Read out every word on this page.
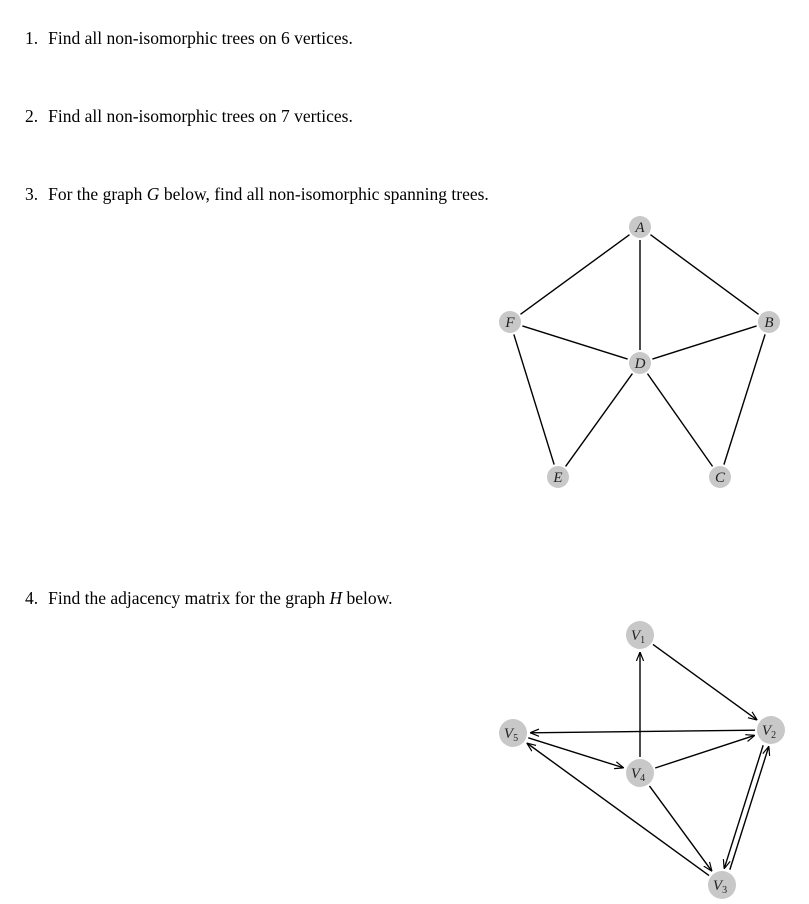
1. Find all non-isomorphic trees on 6 vertices.
2. Find all non-isomorphic trees on 7 vertices.
3. For the graph G below, find all non-isomorphic spanning trees.
4. Find the adjacency matrix for the graph H below.
A
B
C
D
E
F
$V_1$
$V_2$
$V_3$
$V_4$
$V_5$
